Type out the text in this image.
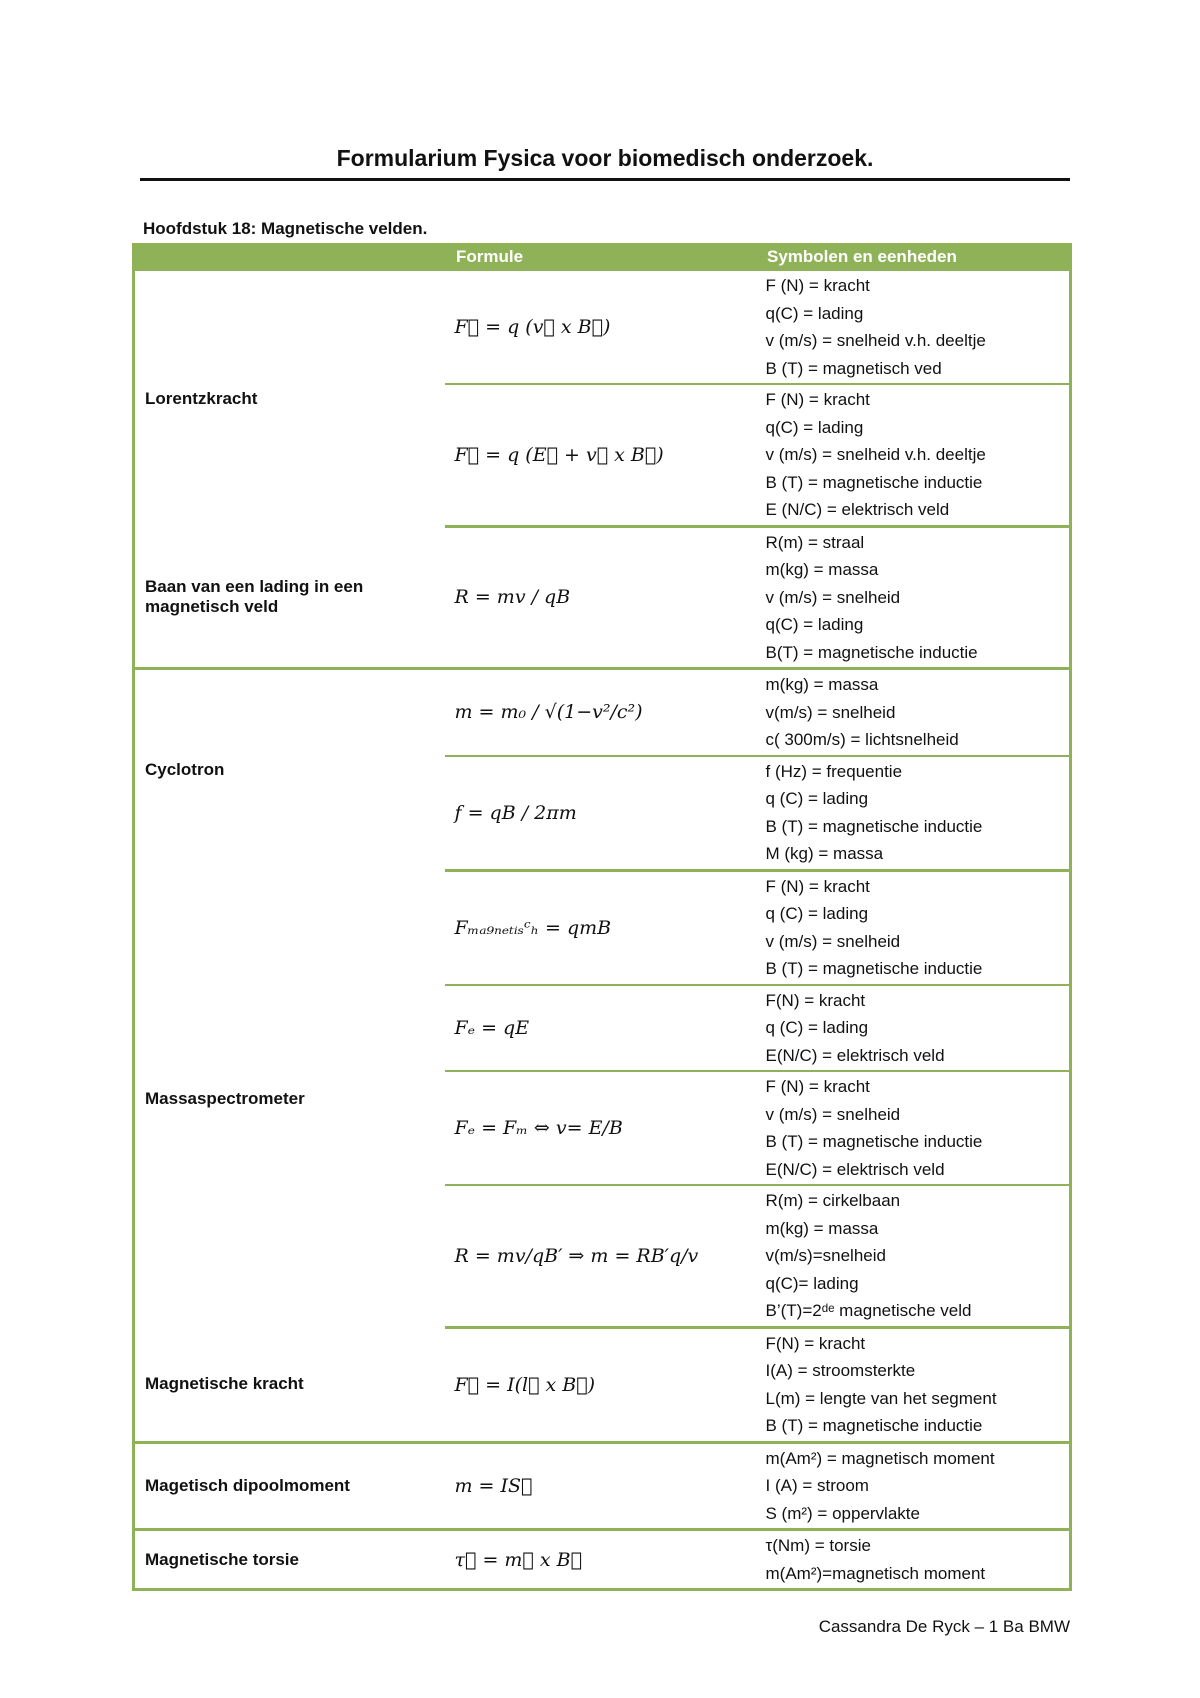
Formularium Fysica voor biomedisch onderzoek.
Hoofdstuk 18: Magnetische velden.
	Formule	Symbolen en eenheden
Lorentzkracht	F⃗ = q (v⃗ x B⃗)	F (N) = kracht
q(C) = lading
v (m/s) = snelheid v.h. deeltje
B (T) = magnetisch ved

	F⃗ = q (E⃗ + v⃗ x B⃗)	F (N) = kracht
q(C) = lading
v (m/s) = snelheid v.h. deeltje
B (T) = magnetische inductie
E (N/C) = elektrisch veld

Baan van een lading in een magnetisch veld	R = mv / qB	R(m) = straal
m(kg) = massa
v (m/s) = snelheid
q(C) = lading
B(T) = magnetische inductie

Cyclotron	m = m₀ / √(1−v²/c²)	m(kg) = massa
v(m/s) = snelheid
c( 300m/s) = lichtsnelheid

	f = qB / 2πm	f (Hz) = frequentie
q (C) = lading
B (T) = magnetische inductie
M (kg) = massa

Massaspectrometer	Fₘₐ₉ₙₑₜᵢₛᶜₕ = qmB	F (N) = kracht
q (C) = lading
v (m/s) = snelheid
B (T) = magnetische inductie

	Fₑ = qE	F(N) = kracht
q (C) = lading
E(N/C) = elektrisch veld

	Fₑ = Fₘ ⇔ v= E/B	F (N) = kracht
v (m/s) = snelheid
B (T) = magnetische inductie
E(N/C) = elektrisch veld

	R = mv/qB′ ⇒ m = RB′q/v	R(m) = cirkelbaan
m(kg) = massa
v(m/s)=snelheid
q(C)= lading
B’(T)=2ᵈᵉ magnetische veld

Magnetische kracht	F⃗ = I(l⃗ x B⃗)	F(N) = kracht
I(A) = stroomsterkte
L(m) = lengte van het segment
B (T) = magnetische inductie

Magetisch dipoolmoment	m = IS⃗	m(Am²) = magnetisch moment
I (A) = stroom
S (m²) = oppervlakte

Magnetische torsie	τ⃗ = m⃗ x B⃗	τ(Nm) = torsie
m(Am²)=magnetisch moment
Cassandra De Ryck – 1 Ba BMW
